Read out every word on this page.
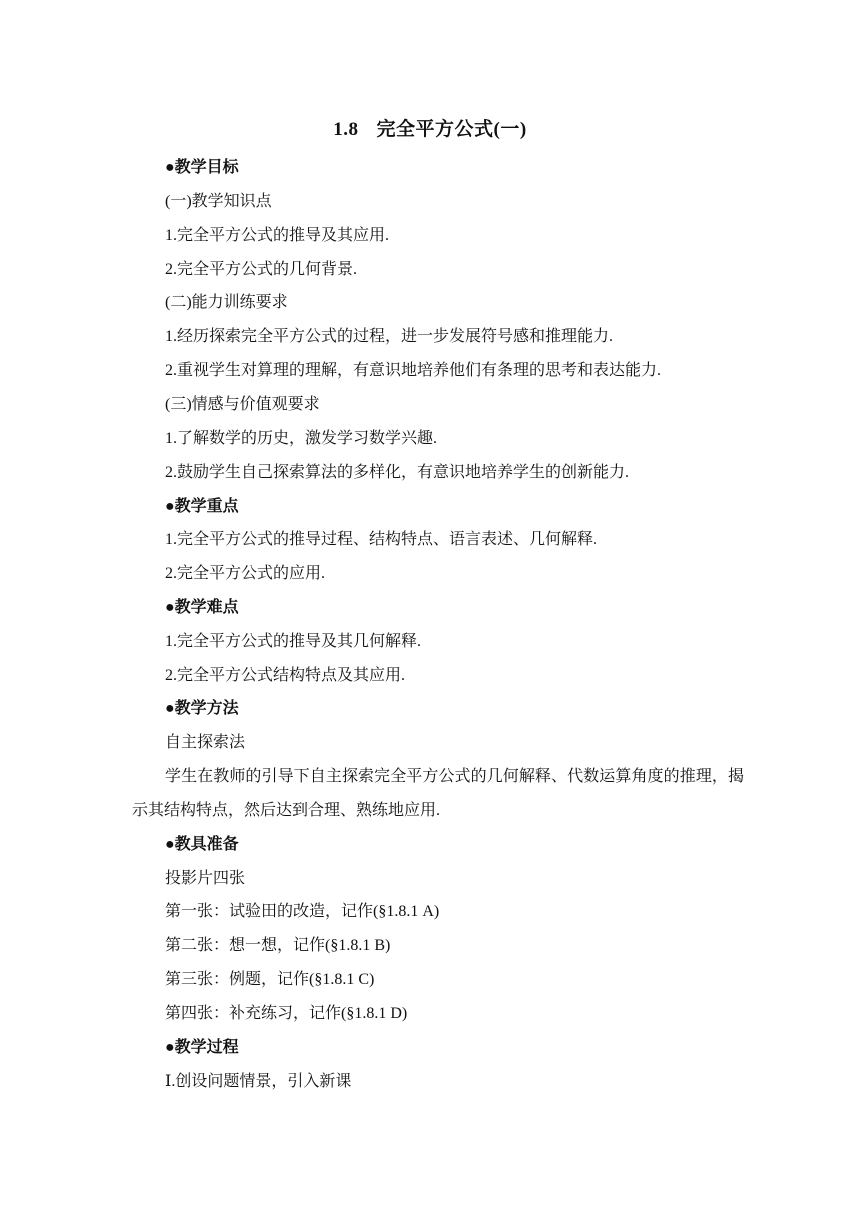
1.8 完全平方公式(一)
●教学目标
(一)教学知识点
1.完全平方公式的推导及其应用.
2.完全平方公式的几何背景.
(二)能力训练要求
1.经历探索完全平方公式的过程，进一步发展符号感和推理能力.
2.重视学生对算理的理解，有意识地培养他们有条理的思考和表达能力.
(三)情感与价值观要求
1.了解数学的历史，激发学习数学兴趣.
2.鼓励学生自己探索算法的多样化，有意识地培养学生的创新能力.
●教学重点
1.完全平方公式的推导过程、结构特点、语言表述、几何解释.
2.完全平方公式的应用.
●教学难点
1.完全平方公式的推导及其几何解释.
2.完全平方公式结构特点及其应用.
●教学方法
自主探索法
学生在教师的引导下自主探索完全平方公式的几何解释、代数运算角度的推理，揭示其结构特点，然后达到合理、熟练地应用.
●教具准备
投影片四张
第一张：试验田的改造，记作(§1.8.1 A)
第二张：想一想，记作(§1.8.1 B)
第三张：例题，记作(§1.8.1 C)
第四张：补充练习，记作(§1.8.1 D)
●教学过程
Ⅰ.创设问题情景，引入新课
